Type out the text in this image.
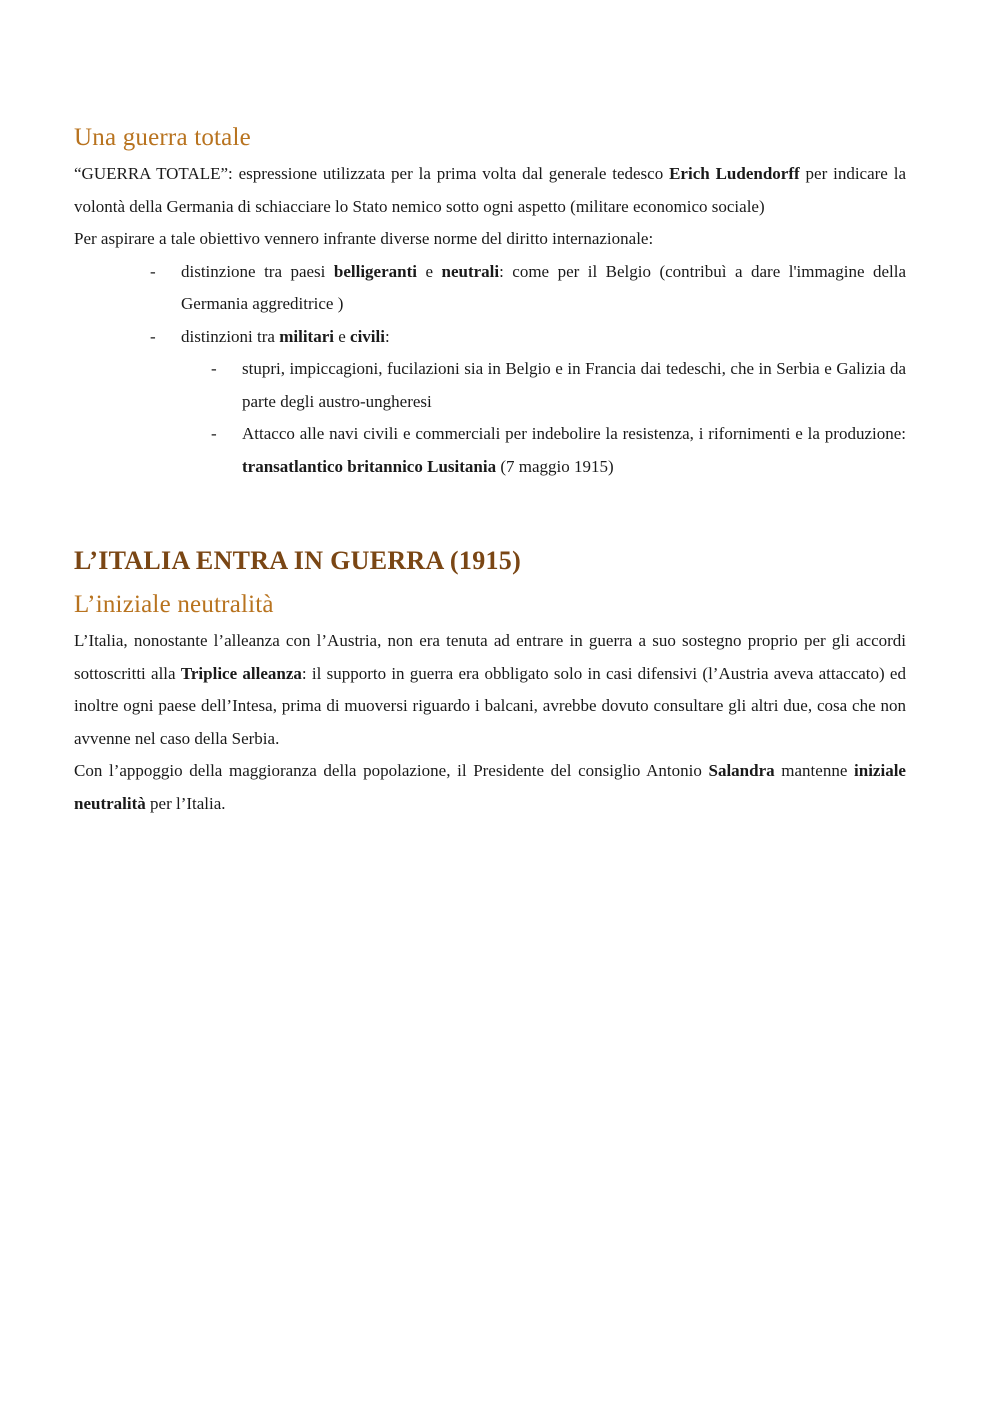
Una guerra totale

“GUERRA TOTALE”: espressione utilizzata per la prima volta dal generale tedesco Erich Ludendorff per indicare la volontà della Germania di schiacciare lo Stato nemico sotto ogni aspetto (militare economico sociale)

Per aspirare a tale obiettivo vennero infrante diverse norme del diritto internazionale:

- distinzione tra paesi belligeranti e neutrali: come per il Belgio (contribuì a dare l'immagine della Germania aggreditrice )
- distinzioni tra militari e civili:
- stupri, impiccagioni, fucilazioni sia in Belgio e in Francia dai tedeschi, che in Serbia e Galizia da parte degli austro-ungheresi
- Attacco alle navi civili e commerciali per indebolire la resistenza, i rifornimenti e la produzione: transatlantico britannico Lusitania (7 maggio 1915)
L’ITALIA ENTRA IN GUERRA (1915)
L’iniziale neutralità

L’Italia, nonostante l’alleanza con l’Austria, non era tenuta ad entrare in guerra a suo sostegno proprio per gli accordi sottoscritti alla Triplice alleanza: il supporto in guerra era obbligato solo in casi difensivi (l’Austria aveva attaccato) ed inoltre ogni paese dell’Intesa, prima di muoversi riguardo i balcani, avrebbe dovuto consultare gli altri due, cosa che non avvenne nel caso della Serbia.

Con l’appoggio della maggioranza della popolazione, il Presidente del consiglio Antonio Salandra mantenne iniziale neutralità per l’Italia.
